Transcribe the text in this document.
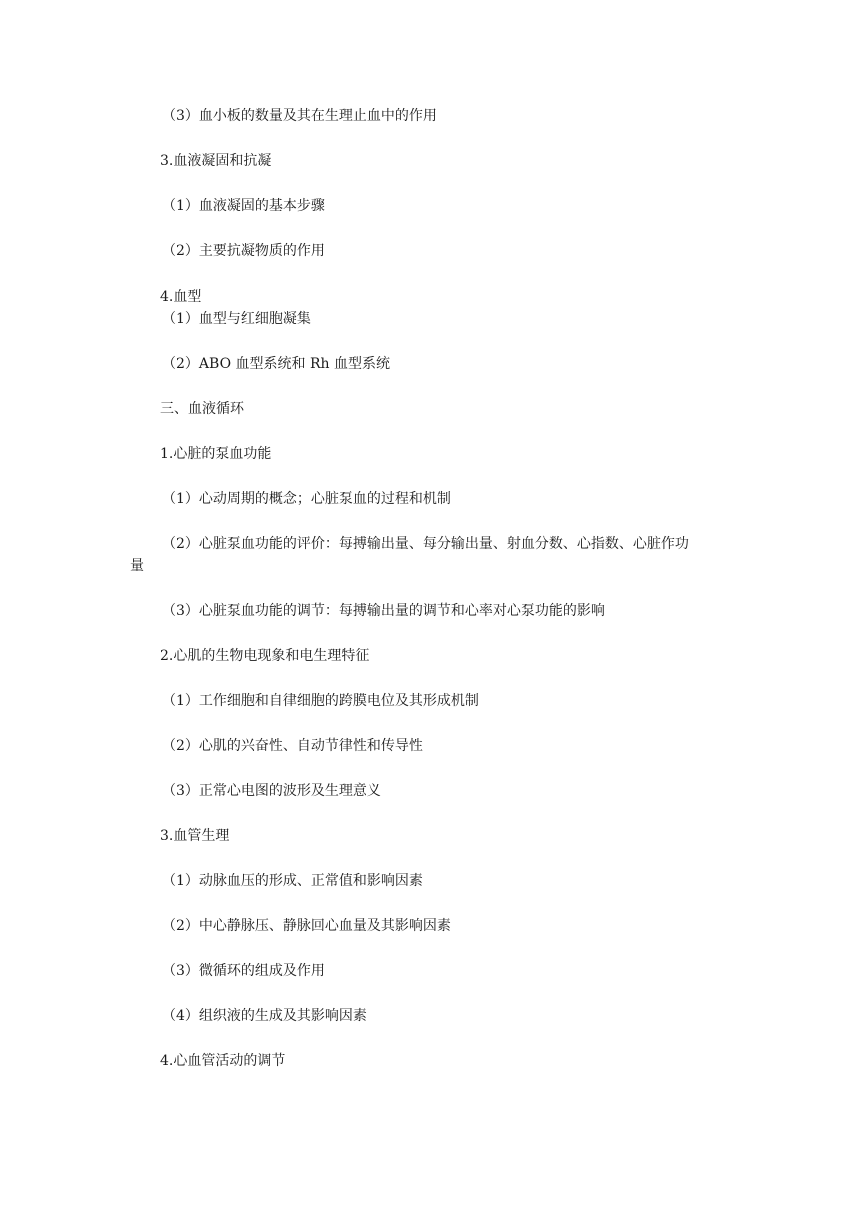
（3）血小板的数量及其在生理止血中的作用
3.血液凝固和抗凝
（1）血液凝固的基本步骤
（2）主要抗凝物质的作用
4.血型
（1）血型与红细胞凝集
（2）ABO 血型系统和 Rh 血型系统
三、血液循环
1.心脏的泵血功能
（1）心动周期的概念；心脏泵血的过程和机制
（2）心脏泵血功能的评价：每搏输出量、每分输出量、射血分数、心指数、心脏作功
量
（3）心脏泵血功能的调节：每搏输出量的调节和心率对心泵功能的影响
2.心肌的生物电现象和电生理特征
（1）工作细胞和自律细胞的跨膜电位及其形成机制
（2）心肌的兴奋性、自动节律性和传导性
（3）正常心电图的波形及生理意义
3.血管生理
（1）动脉血压的形成、正常值和影响因素
（2）中心静脉压、静脉回心血量及其影响因素
（3）微循环的组成及作用
（4）组织液的生成及其影响因素
4.心血管活动的调节
